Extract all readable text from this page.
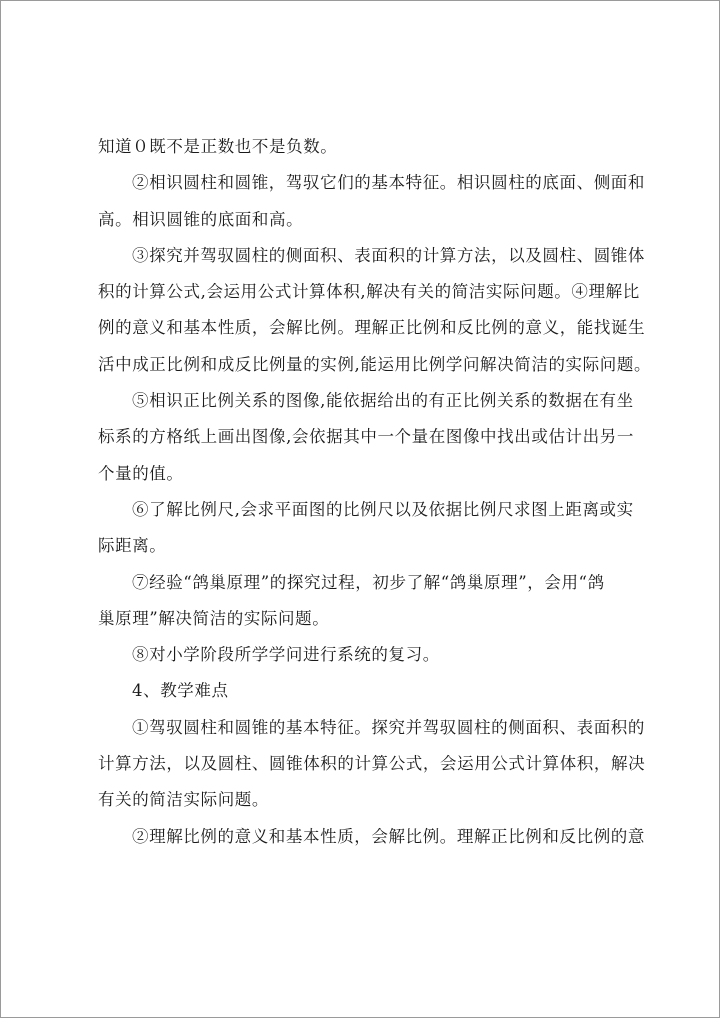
知道０既不是正数也不是负数。
②相识圆柱和圆锥，驾驭它们的基本特征。相识圆柱的底面、侧面和
高。相识圆锥的底面和高。
③探究并驾驭圆柱的侧面积、表面积的计算方法，以及圆柱、圆锥体
积的计算公式,会运用公式计算体积,解决有关的简洁实际问题。④理解比
例的意义和基本性质，会解比例。理解正比例和反比例的意义，能找诞生
活中成正比例和成反比例量的实例,能运用比例学问解决简洁的实际问题。
⑤相识正比例关系的图像,能依据给出的有正比例关系的数据在有坐
标系的方格纸上画出图像,会依据其中一个量在图像中找出或估计出另一
个量的值。
⑥了解比例尺,会求平面图的比例尺以及依据比例尺求图上距离或实
际距离。
⑦经验“鸽巢原理”的探究过程，初步了解“鸽巢原理”，会用“鸽
巢原理”解决简洁的实际问题。
⑧对小学阶段所学学问进行系统的复习。
4、教学难点
①驾驭圆柱和圆锥的基本特征。探究并驾驭圆柱的侧面积、表面积的
计算方法，以及圆柱、圆锥体积的计算公式，会运用公式计算体积，解决
有关的简洁实际问题。
②理解比例的意义和基本性质，会解比例。理解正比例和反比例的意
